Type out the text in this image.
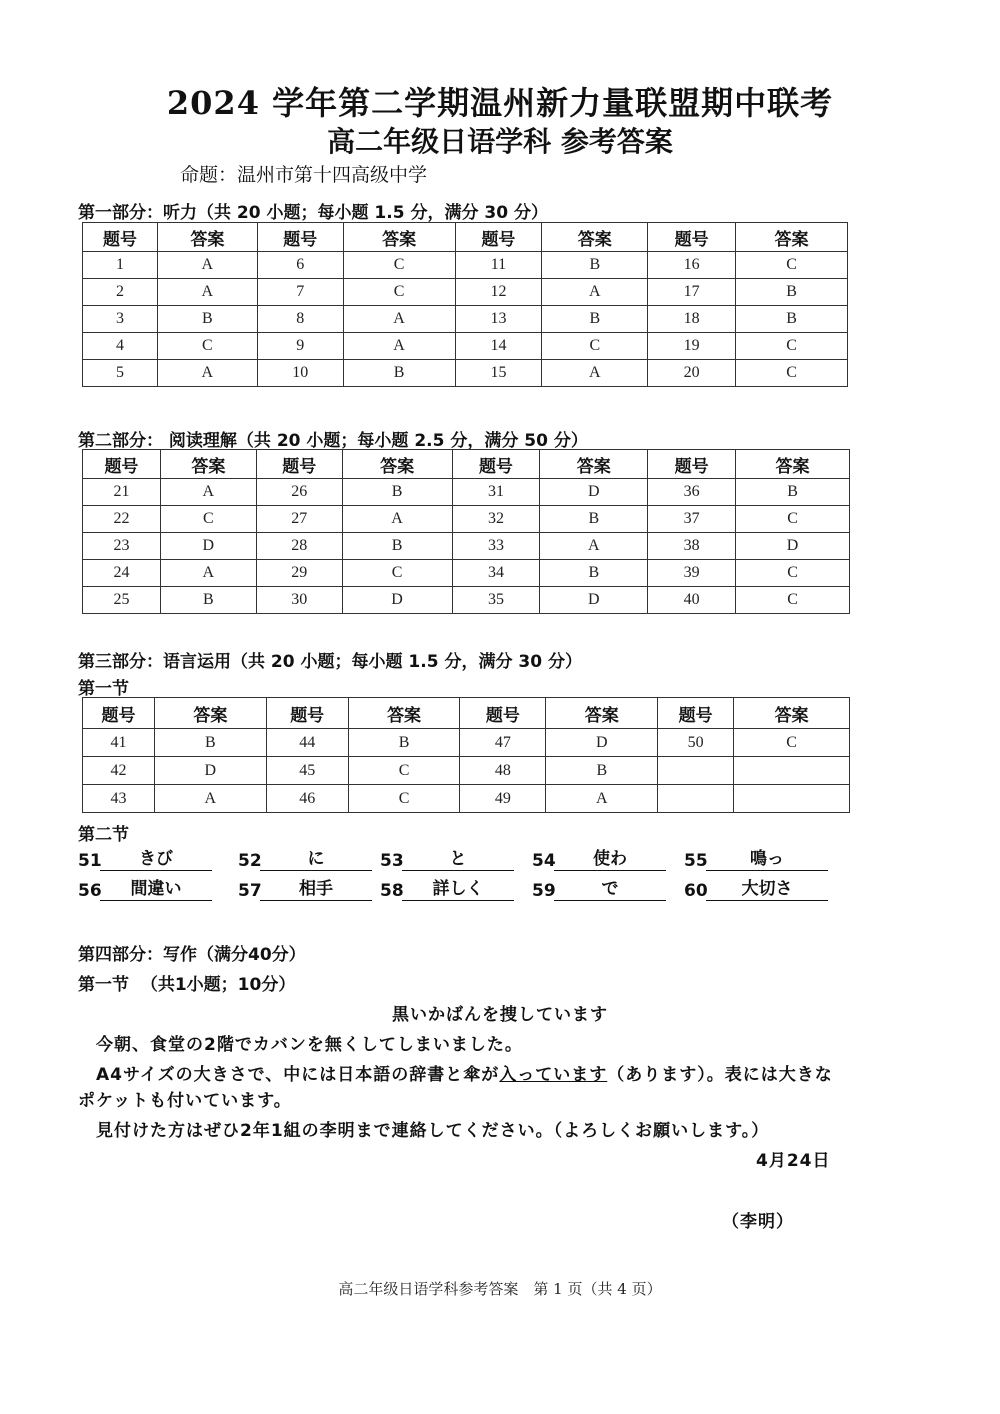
2024 学年第二学期温州新力量联盟期中联考
高二年级日语学科 参考答案
命题：温州市第十四高级中学
第一部分：听力（共 20 小题；每小题 1.5 分，满分 30 分）
题号	答案	题号	答案	题号	答案	题号	答案
1	A	6	C	11	B	16	C
2	A	7	C	12	A	17	B
3	B	8	A	13	B	18	B
4	C	9	A	14	C	19	C
5	A	10	B	15	A	20	C
第二部分： 阅读理解（共 20 小题；每小题 2.5 分，满分 50 分）
题号	答案	题号	答案	题号	答案	题号	答案
21	A	26	B	31	D	36	B
22	C	27	A	32	B	37	C
23	D	28	B	33	A	38	D
24	A	29	C	34	B	39	C
25	B	30	D	35	D	40	C
第三部分：语言运用（共 20 小题；每小题 1.5 分，满分 30 分）
第一节
题号	答案	题号	答案	题号	答案	题号	答案
41	B	44	B	47	D	50	C
42	D	45	C	48	B		
43	A	46	C	49	A		
第二节
51	きび	52	に	53	と	54	使わ	55	鳴っ
56	間違い	57	相手	58	詳しく	59	で	60	大切さ
第四部分：写作（满分40分）
第一节  （共1小题；10分）
黒いかばんを捜しています
今朝、食堂の2階でカバンを無くしてしまいました。
A4サイズの大きさで、中には日本語の辞書と傘が入っています（あります）。表には大きな
ポケットも付いています。
見付けた方はぜひ2年1組の李明まで連絡してください。（よろしくお願いします。）
4月24日
（李明）
高二年级日语学科参考答案　第 1 页（共 4 页）
